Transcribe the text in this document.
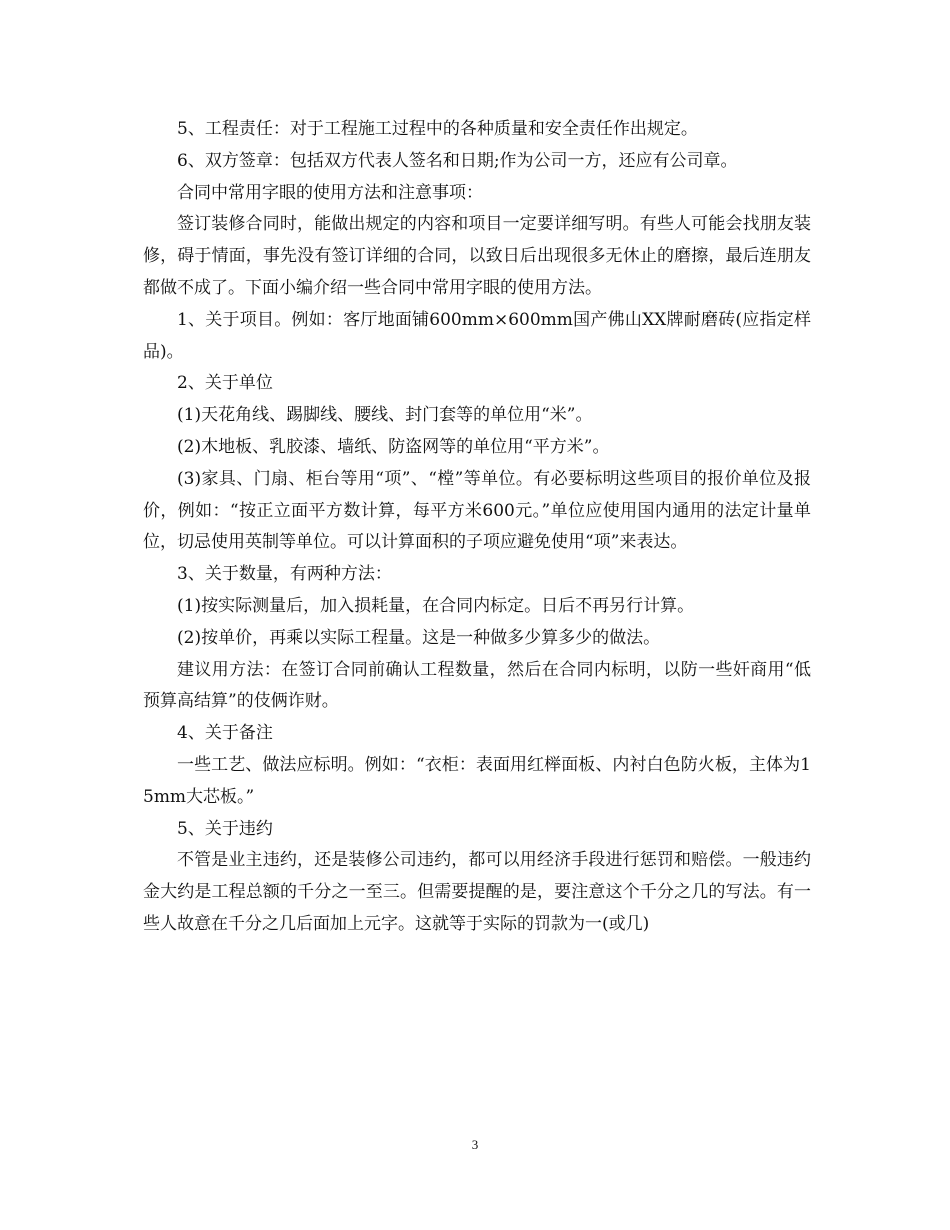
5、工程责任：对于工程施工过程中的各种质量和安全责任作出规定。

6、双方签章：包括双方代表人签名和日期;作为公司一方，还应有公司章。

合同中常用字眼的使用方法和注意事项：

签订装修合同时，能做出规定的内容和项目一定要详细写明。有些人可能会找朋友装修，碍于情面，事先没有签订详细的合同，以致日后出现很多无休止的磨擦，最后连朋友都做不成了。下面小编介绍一些合同中常用字眼的使用方法。

1、关于项目。例如：客厅地面铺600mm×600mm国产佛山XX牌耐磨砖(应指定样品)。

2、关于单位

(1)天花角线、踢脚线、腰线、封门套等的单位用“米”。

(2)木地板、乳胶漆、墙纸、防盗网等的单位用“平方米”。

(3)家具、门扇、柜台等用“项”、“樘”等单位。有必要标明这些项目的报价单位及报价，例如：“按正立面平方数计算，每平方米600元。”单位应使用国内通用的法定计量单位，切忌使用英制等单位。可以计算面积的子项应避免使用“项”来表达。

3、关于数量，有两种方法：

(1)按实际测量后，加入损耗量，在合同内标定。日后不再另行计算。

(2)按单价，再乘以实际工程量。这是一种做多少算多少的做法。

建议用方法：在签订合同前确认工程数量，然后在合同内标明，以防一些奸商用“低预算高结算”的伎俩诈财。

4、关于备注

一些工艺、做法应标明。例如：“衣柜：表面用红榉面板、内衬白色防火板，主体为15mm大芯板。”

5、关于违约

不管是业主违约，还是装修公司违约，都可以用经济手段进行惩罚和赔偿。一般违约金大约是工程总额的千分之一至三。但需要提醒的是，要注意这个千分之几的写法。有一些人故意在千分之几后面加上元字。这就等于实际的罚款为一(或几)

3
